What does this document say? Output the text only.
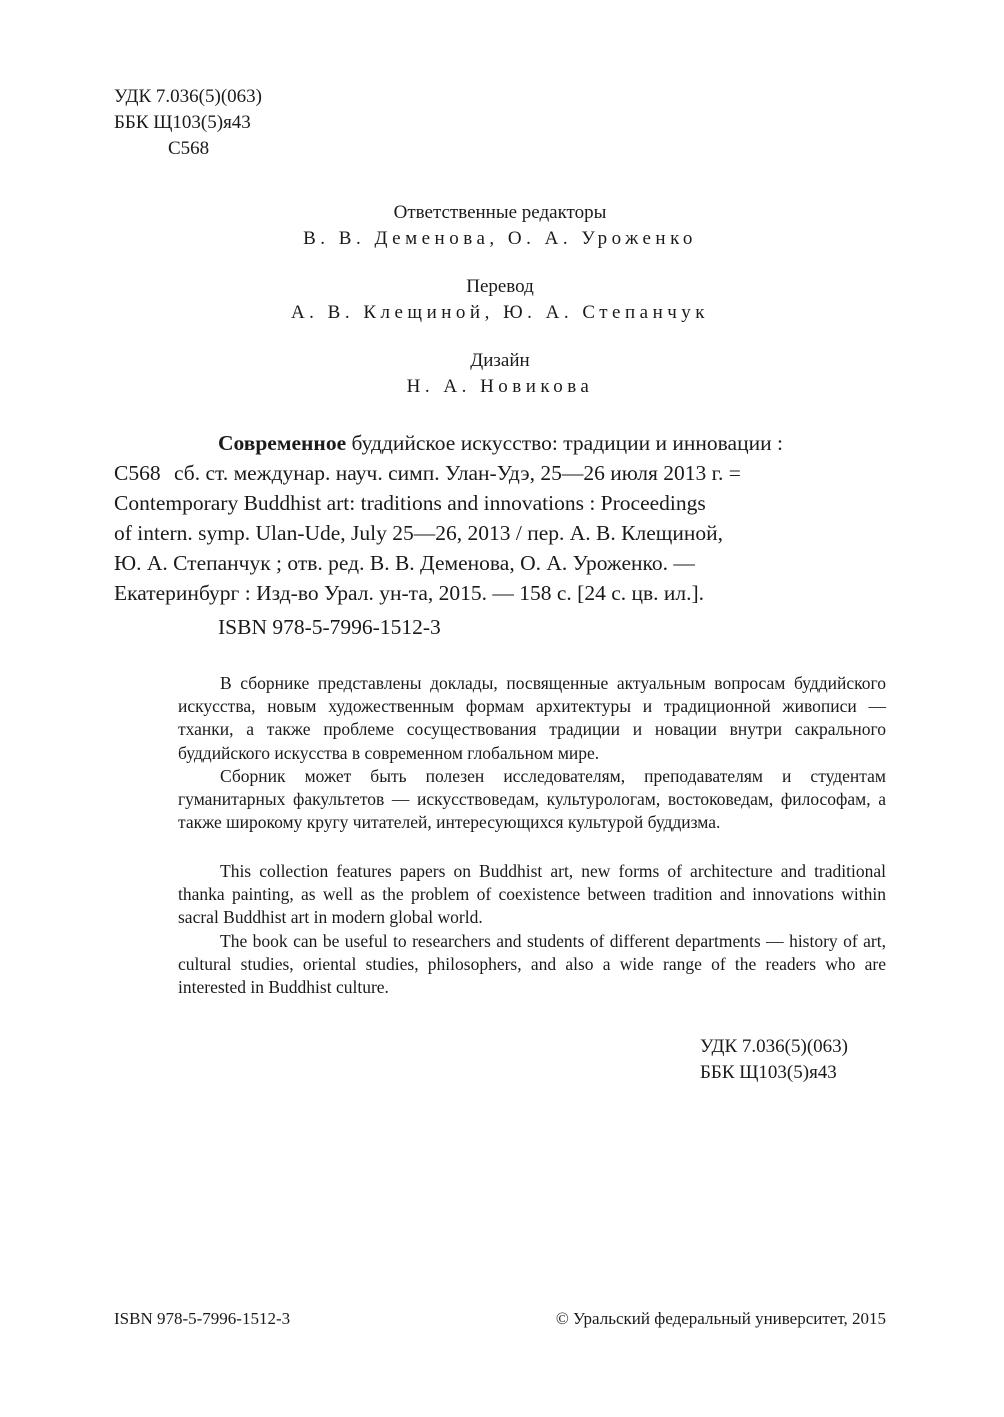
УДК 7.036(5)(063)
ББК Щ103(5)я43

С568
Ответственные редакторы
В. В. Деменова, О. А. Уроженко
Перевод
А. В. Клещиной, Ю. А. Степанчук
Дизайн
Н. А. Новикова
Современное буддийское искусство: традиции и инновации :
С568 сб. ст. междунар. науч. симп. Улан-Удэ, 25—26 июля 2013 г. =
Contemporary Buddhist art: traditions and innovations : Proceedings
of intern. symp. Ulan-Ude, July 25—26, 2013 / пер. А. В. Клещиной,
Ю. А. Степанчук ; отв. ред. В. В. Деменова, О. А. Уроженко. —
Екатеринбург : Изд-во Урал. ун-та, 2015. — 158 с. [24 с. цв. ил.].
ISBN 978-5-7996-1512-3

В сборнике представлены доклады, посвященные актуальным вопросам буддийского искусства, новым художественным формам архитектуры и традиционной живописи — тханки, а также проблеме сосуществования традиции и новации внутри сакрального буддийского искусства в современном глобальном мире.

Сборник может быть полезен исследователям, преподавателям и студентам гуманитарных факультетов — искусствоведам, культурологам, востоковедам, философам, а также широкому кругу читателей, интересующихся культурой буддизма.

This collection features papers on Buddhist art, new forms of architecture and traditional thanka painting, as well as the problem of coexistence between tradition and innovations within sacral Buddhist art in modern global world.

The book can be useful to researchers and students of different departments — history of art, cultural studies, oriental studies, philosophers, and also a wide range of the readers who are interested in Buddhist culture.

УДК 7.036(5)(063)
ББК Щ103(5)я43
ISBN 978-5-7996-1512-3	© Уральский федеральный университет, 2015
